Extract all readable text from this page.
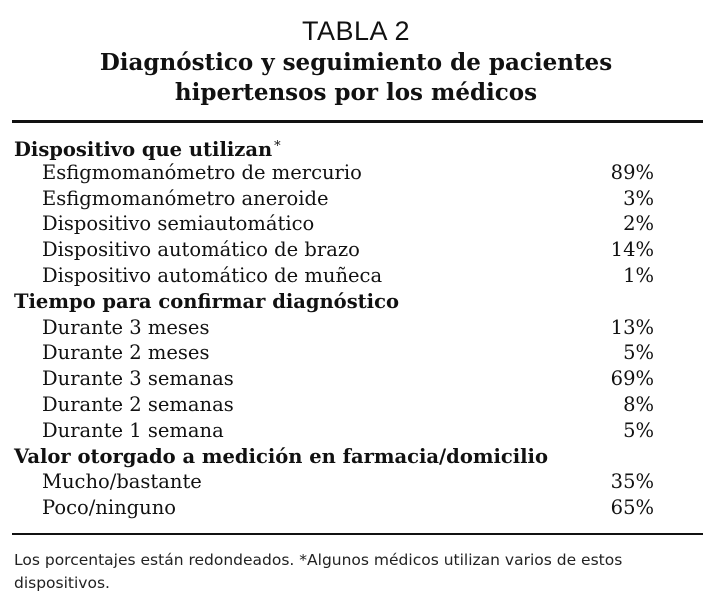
TABLA 2
Diagnóstico y seguimiento de pacientes
hipertensos por los médicos
Dispositivo que utilizan *
Esfigmomanómetro de mercurio	89%
Esfigmomanómetro aneroide	3%
Dispositivo semiautomático	2%
Dispositivo automático de brazo	14%
Dispositivo automático de muñeca	1%
Tiempo para confirmar diagnóstico
Durante 3 meses	13%
Durante 2 meses	5%
Durante 3 semanas	69%
Durante 2 semanas	8%
Durante 1 semana	5%
Valor otorgado a medición en farmacia/domicilio
Mucho/bastante	35%
Poco/ninguno	65%
Los porcentajes están redondeados. *Algunos médicos utilizan varios de estos dispositivos.
